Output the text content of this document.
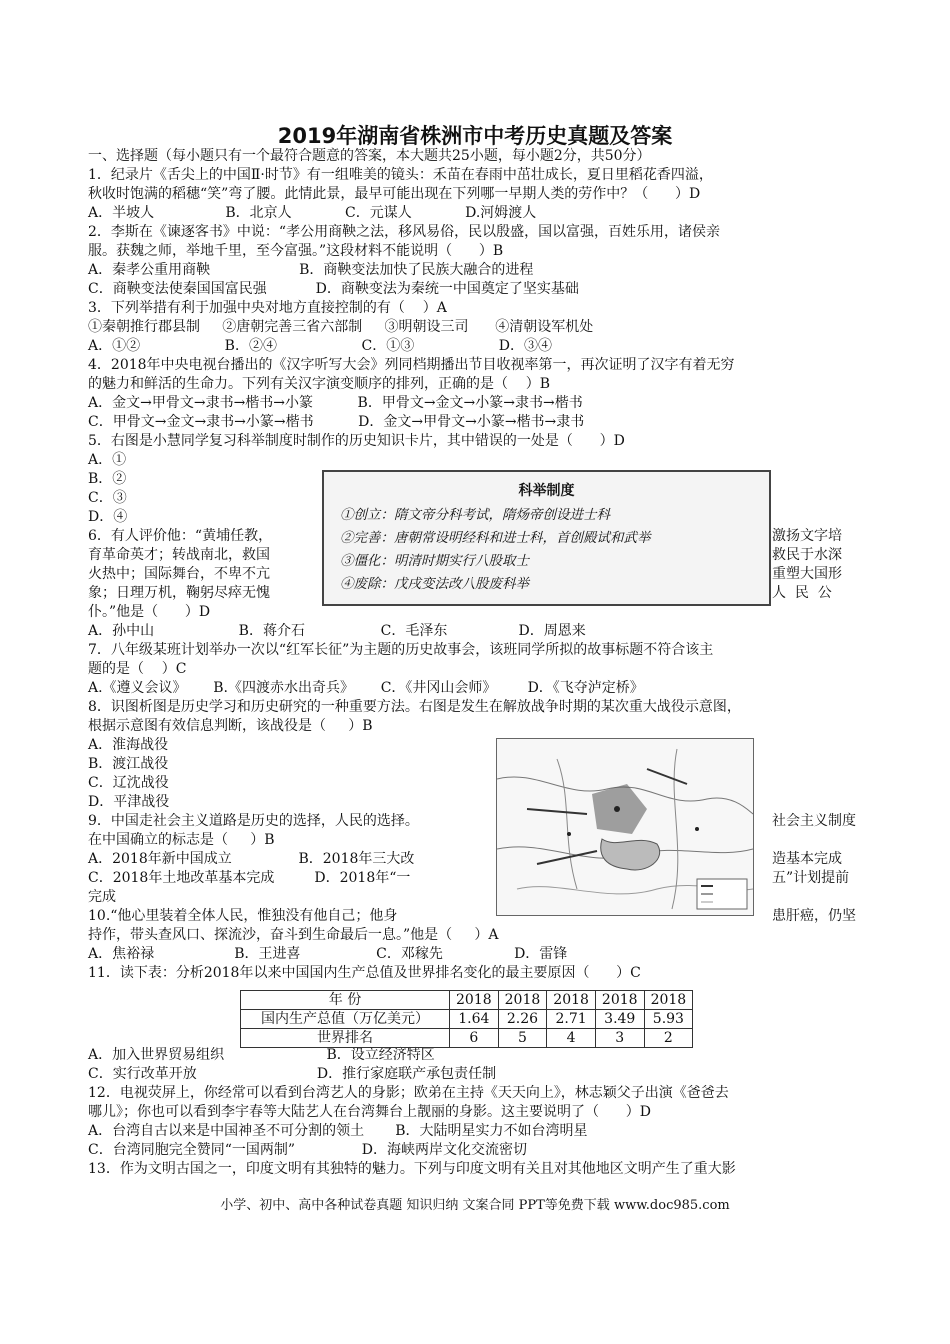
2019年湖南省株洲市中考历史真题及答案
一、选择题（每小题只有一个最符合题意的答案，本大题共25小题，每小题2分，共50分）
1．纪录片《舌尖上的中国Ⅱ·时节》有一组唯美的镜头：禾苗在春雨中茁壮成长，夏日里稻花香四溢，
秋收时饱满的稻穗“笑”弯了腰。此情此景，最早可能出现在下列哪一早期人类的劳作中？（      ）D
A．半坡人                B．北京人            C．元谋人            D.河姆渡人
2．李斯在《谏逐客书》中说：“孝公用商鞅之法，移风易俗，民以殷盛，国以富强，百姓乐用，诸侯亲
服。获魏之师，举地千里，至今富强。”这段材料不能说明（      ）B
A．秦孝公重用商鞅                    B．商鞅变法加快了民族大融合的进程
C．商鞅变法使秦国国富民强           D．商鞅变法为秦统一中国奠定了坚实基础
3．下列举措有利于加强中央对地方直接控制的有（    ）A
①秦朝推行郡县制     ②唐朝完善三省六部制     ③明朝设三司      ④清朝设军机处
A．①②                   B．②④                   C．①③                   D．③④
4．2018年中央电视台播出的《汉字听写大会》列同档期播出节目收视率第一，再次证明了汉字有着无穷
的魅力和鲜活的生命力。下列有关汉字演变顺序的排列，正确的是（    ）B
A．金文→甲骨文→隶书→楷书→小篆          B．甲骨文→金文→小篆→隶书→楷书
C．甲骨文→金文→隶书→小篆→楷书          D．金文→甲骨文→小篆→楷书→隶书
5．右图是小慧同学复习科举制度时制作的历史知识卡片，其中错误的一处是（      ）D
A．①
B．②
C．③
D．④
6．有人评价他：“黄埔任教，
育革命英才；转战南北，救国
火热中；国际舞台，不卑不亢
象；日理万机，鞠躬尽瘁无愧
仆。”他是（      ）D
A．孙中山                   B．蒋介石                 C．毛泽东                D．周恩来
7．八年级某班计划举办一次以“红军长征”为主题的历史故事会，该班同学所拟的故事标题不符合该主
题的是（    ）C
A.《遵义会议》      B.《四渡赤水出奇兵》      C．《井冈山会师》       D．《飞夺泸定桥》
8．识图析图是历史学习和历史研究的一种重要方法。右图是发生在解放战争时期的某次重大战役示意图，
根据示意图有效信息判断，该战役是（     ）B
A．淮海战役
B．渡江战役
C．辽沈战役
D．平津战役
9．中国走社会主义道路是历史的选择，人民的选择。
在中国确立的标志是（     ）B
A．2018年新中国成立               B．2018年三大改
C．2018年土地改革基本完成         D．2018年“一
完成
10.“他心里装着全体人民，惟独没有他自己；他身
持作，带头查风口、探流沙，奋斗到生命最后一息。”他是（     ）A
A．焦裕禄                  B．王进喜                 C．邓稼先                D．雷锋
11．读下表：分析2018年以来中国国内生产总值及世界排名变化的最主要原因（      ）C
A．加入世界贸易组织                       B．设立经济特区
C．实行改革开放                           D．推行家庭联产承包责任制
12．电视荧屏上，你经常可以看到台湾艺人的身影；欧弟在主持《天天向上》，林志颖父子出演《爸爸去
哪儿》；你也可以看到李宇春等大陆艺人在台湾舞台上靓丽的身影。这主要说明了（      ）D
A．台湾自古以来是中国神圣不可分割的领土       B．大陆明星实力不如台湾明星
C．台湾同胞完全赞同“一国两制”               D．海峡两岸文化交流密切
13．作为文明古国之一，印度文明有其独特的魅力。下列与印度文明有关且对其他地区文明产生了重大影
激扬文字培
救民于水深
重塑大国形
人  民  公
社会主义制度
造基本完成
五”计划提前
患肝癌，仍坚
科举制度
①创立：隋文帝分科考试，隋炀帝创设进士科
②完善：唐朝常设明经科和进士科，首创殿试和武举
③僵化：明清时期实行八股取士
④废除：戊戌变法改八股废科举
年 份	2018	2018	2018	2018	2018
国内生产总值（万亿美元）	1.64	2.26	2.71	3.49	5.93
世界排名	6	5	4	3	2
小学、初中、高中各种试卷真题 知识归纳 文案合同 PPT等免费下载 www.doc985.com
